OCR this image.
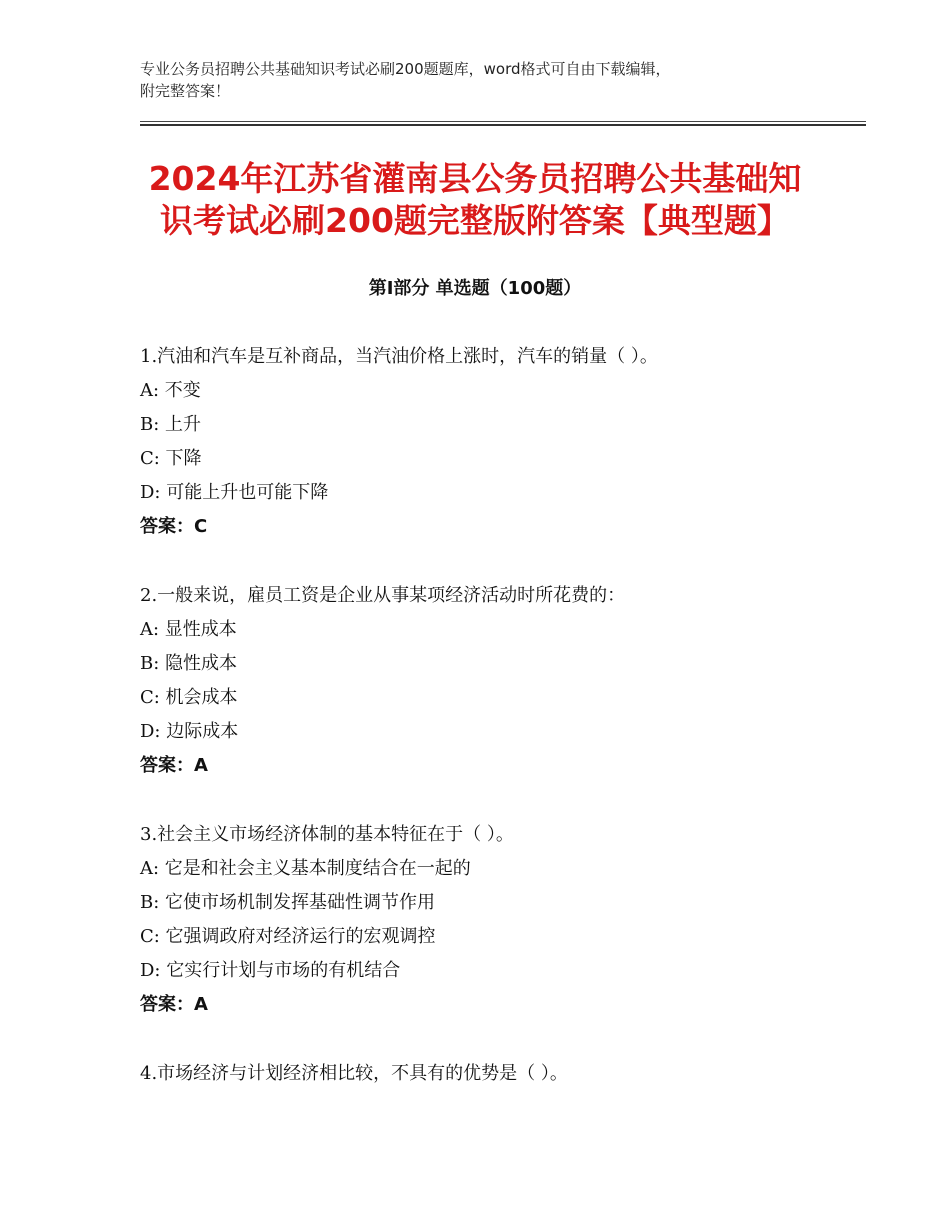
专业公务员招聘公共基础知识考试必刷200题题库，word格式可自由下载编辑，
附完整答案！
2024年江苏省灌南县公务员招聘公共基础知
识考试必刷200题完整版附答案【典型题】
第Ⅰ部分 单选题（100题）
1.汽油和汽车是互补商品，当汽油价格上涨时，汽车的销量（ ）。
A: 不变
B: 上升
C: 下降
D: 可能上升也可能下降
答案：C
2.一般来说，雇员工资是企业从事某项经济活动时所花费的：
A: 显性成本
B: 隐性成本
C: 机会成本
D: 边际成本
答案：A
3.社会主义市场经济体制的基本特征在于（ ）。
A: 它是和社会主义基本制度结合在一起的
B: 它使市场机制发挥基础性调节作用
C: 它强调政府对经济运行的宏观调控
D: 它实行计划与市场的有机结合
答案：A
4.市场经济与计划经济相比较，不具有的优势是（ ）。
